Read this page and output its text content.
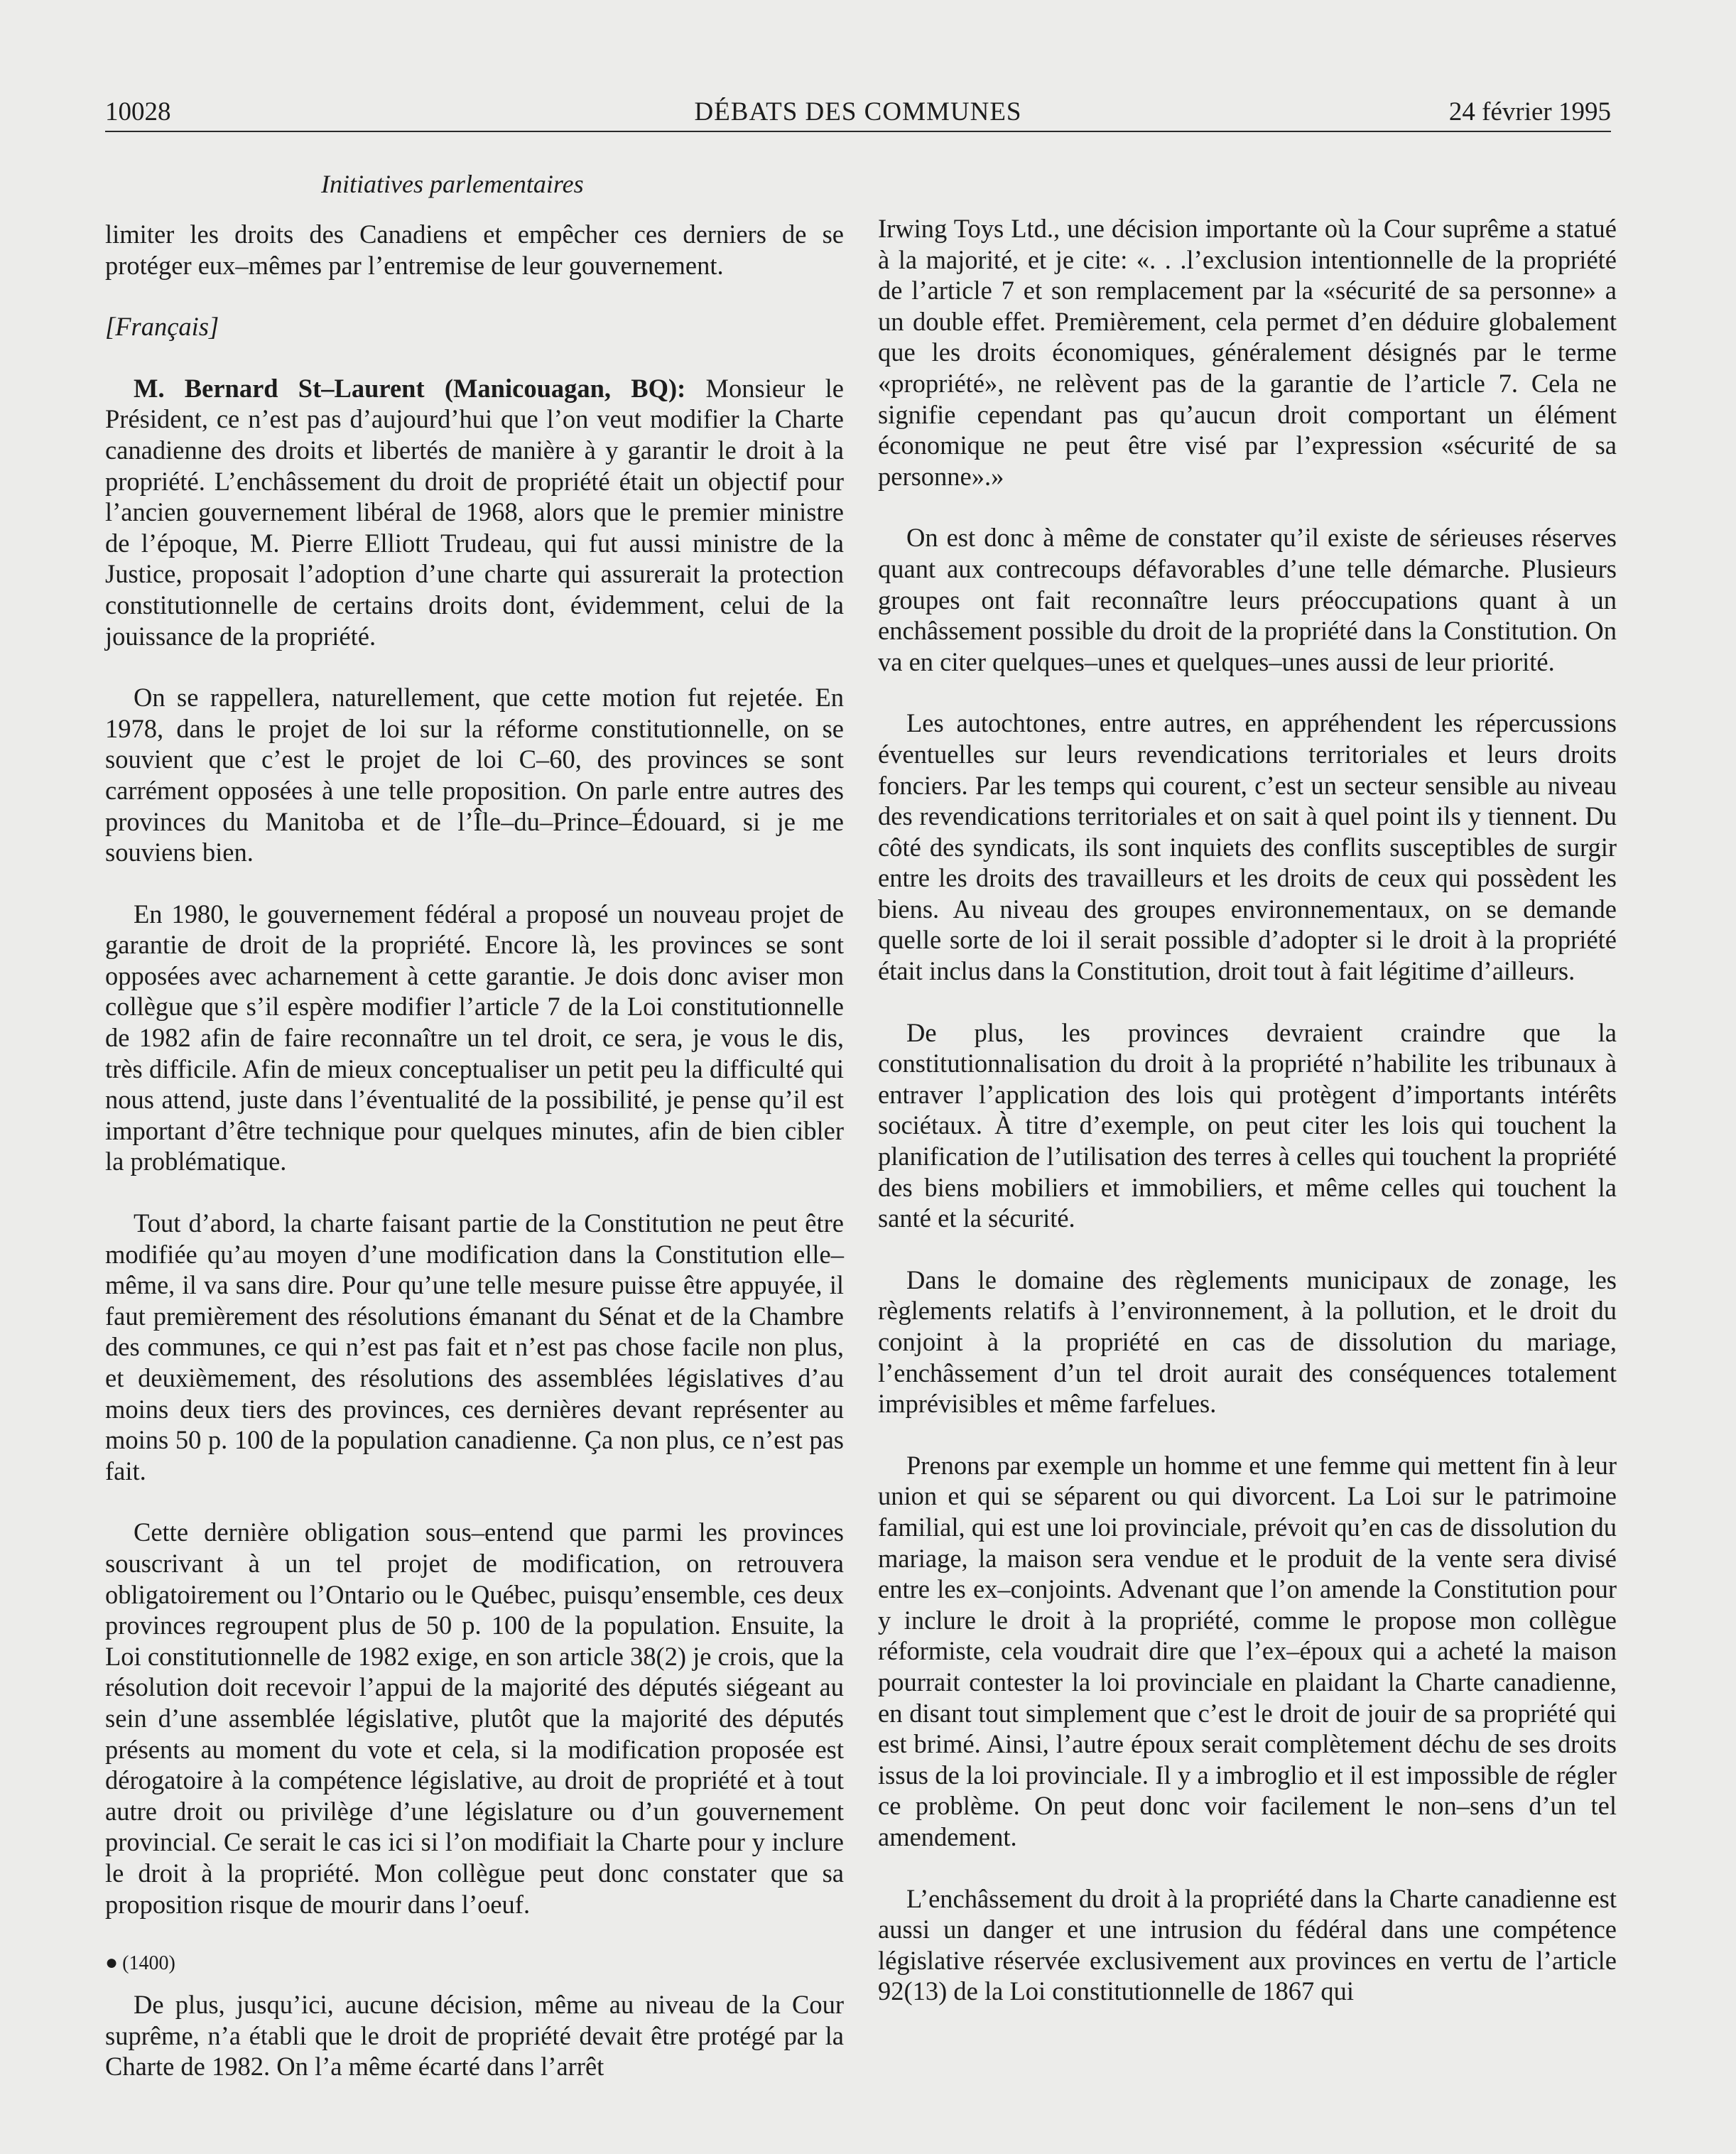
10028	DÉBATS DES COMMUNES	24 février 1995
Initiatives parlementaires

limiter les droits des Canadiens et empêcher ces derniers de se protéger eux–mêmes par l’entremise de leur gouvernement.

[Français]

M. Bernard St–Laurent (Manicouagan, BQ): Monsieur le Président, ce n’est pas d’aujourd’hui que l’on veut modifier la Charte canadienne des droits et libertés de manière à y garantir le droit à la propriété. L’enchâssement du droit de propriété était un objectif pour l’ancien gouvernement libéral de 1968, alors que le premier ministre de l’époque, M. Pierre Elliott Trudeau, qui fut aussi ministre de la Justice, proposait l’adoption d’une charte qui assurerait la protection constitutionnelle de certains droits dont, évidemment, celui de la jouissance de la propriété.

On se rappellera, naturellement, que cette motion fut rejetée. En 1978, dans le projet de loi sur la réforme constitutionnelle, on se souvient que c’est le projet de loi C–60, des provinces se sont carrément opposées à une telle proposition. On parle entre autres des provinces du Manitoba et de l’Île–du–Prince–Édouard, si je me souviens bien.

En 1980, le gouvernement fédéral a proposé un nouveau projet de garantie de droit de la propriété. Encore là, les provinces se sont opposées avec acharnement à cette garantie. Je dois donc aviser mon collègue que s’il espère modifier l’article 7 de la Loi constitutionnelle de 1982 afin de faire reconnaître un tel droit, ce sera, je vous le dis, très difficile. Afin de mieux conceptualiser un petit peu la difficulté qui nous attend, juste dans l’éventualité de la possibilité, je pense qu’il est important d’être technique pour quelques minutes, afin de bien cibler la problématique.

Tout d’abord, la charte faisant partie de la Constitution ne peut être modifiée qu’au moyen d’une modification dans la Constitution elle–même, il va sans dire. Pour qu’une telle mesure puisse être appuyée, il faut premièrement des résolutions émanant du Sénat et de la Chambre des communes, ce qui n’est pas fait et n’est pas chose facile non plus, et deuxièmement, des résolutions des assemblées législatives d’au moins deux tiers des provinces, ces dernières devant représenter au moins 50 p. 100 de la population canadienne. Ça non plus, ce n’est pas fait.

Cette dernière obligation sous–entend que parmi les provinces souscrivant à un tel projet de modification, on retrouvera obligatoirement ou l’Ontario ou le Québec, puisqu’ensemble, ces deux provinces regroupent plus de 50 p. 100 de la population. Ensuite, la Loi constitutionnelle de 1982 exige, en son article 38(2) je crois, que la résolution doit recevoir l’appui de la majorité des députés siégeant au sein d’une assemblée législative, plutôt que la majorité des députés présents au moment du vote et cela, si la modification proposée est dérogatoire à la compétence législative, au droit de propriété et à tout autre droit ou privilège d’une législature ou d’un gouvernement provincial. Ce serait le cas ici si l’on modifiait la Charte pour y inclure le droit à la propriété. Mon collègue peut donc constater que sa proposition risque de mourir dans l’oeuf.

● (1400)

De plus, jusqu’ici, aucune décision, même au niveau de la Cour suprême, n’a établi que le droit de propriété devait être protégé par la Charte de 1982. On l’a même écarté dans l’arrêt

Irwing Toys Ltd., une décision importante où la Cour suprême a statué à la majorité, et je cite: «. . .l’exclusion intentionnelle de la propriété de l’article 7 et son remplacement par la «sécurité de sa personne» a un double effet. Premièrement, cela permet d’en déduire globalement que les droits économiques, généralement désignés par le terme «propriété», ne relèvent pas de la garantie de l’article 7. Cela ne signifie cependant pas qu’aucun droit comportant un élément économique ne peut être visé par l’expression «sécurité de sa personne».»

On est donc à même de constater qu’il existe de sérieuses réserves quant aux contrecoups défavorables d’une telle démarche. Plusieurs groupes ont fait reconnaître leurs préoccupations quant à un enchâssement possible du droit de la propriété dans la Constitution. On va en citer quelques–unes et quelques–unes aussi de leur priorité.

Les autochtones, entre autres, en appréhendent les répercussions éventuelles sur leurs revendications territoriales et leurs droits fonciers. Par les temps qui courent, c’est un secteur sensible au niveau des revendications territoriales et on sait à quel point ils y tiennent. Du côté des syndicats, ils sont inquiets des conflits susceptibles de surgir entre les droits des travailleurs et les droits de ceux qui possèdent les biens. Au niveau des groupes environnementaux, on se demande quelle sorte de loi il serait possible d’adopter si le droit à la propriété était inclus dans la Constitution, droit tout à fait légitime d’ailleurs.

De plus, les provinces devraient craindre que la constitutionnalisation du droit à la propriété n’habilite les tribunaux à entraver l’application des lois qui protègent d’importants intérêts sociétaux. À titre d’exemple, on peut citer les lois qui touchent la planification de l’utilisation des terres à celles qui touchent la propriété des biens mobiliers et immobiliers, et même celles qui touchent la santé et la sécurité.

Dans le domaine des règlements municipaux de zonage, les règlements relatifs à l’environnement, à la pollution, et le droit du conjoint à la propriété en cas de dissolution du mariage, l’enchâssement d’un tel droit aurait des conséquences totalement imprévisibles et même farfelues.

Prenons par exemple un homme et une femme qui mettent fin à leur union et qui se séparent ou qui divorcent. La Loi sur le patrimoine familial, qui est une loi provinciale, prévoit qu’en cas de dissolution du mariage, la maison sera vendue et le produit de la vente sera divisé entre les ex–conjoints. Advenant que l’on amende la Constitution pour y inclure le droit à la propriété, comme le propose mon collègue réformiste, cela voudrait dire que l’ex–époux qui a acheté la maison pourrait contester la loi provinciale en plaidant la Charte canadienne, en disant tout simplement que c’est le droit de jouir de sa propriété qui est brimé. Ainsi, l’autre époux serait complètement déchu de ses droits issus de la loi provinciale. Il y a imbroglio et il est impossible de régler ce problème. On peut donc voir facilement le non–sens d’un tel amendement.

L’enchâssement du droit à la propriété dans la Charte canadienne est aussi un danger et une intrusion du fédéral dans une compétence législative réservée exclusivement aux provinces en vertu de l’article 92(13) de la Loi constitutionnelle de 1867 qui
